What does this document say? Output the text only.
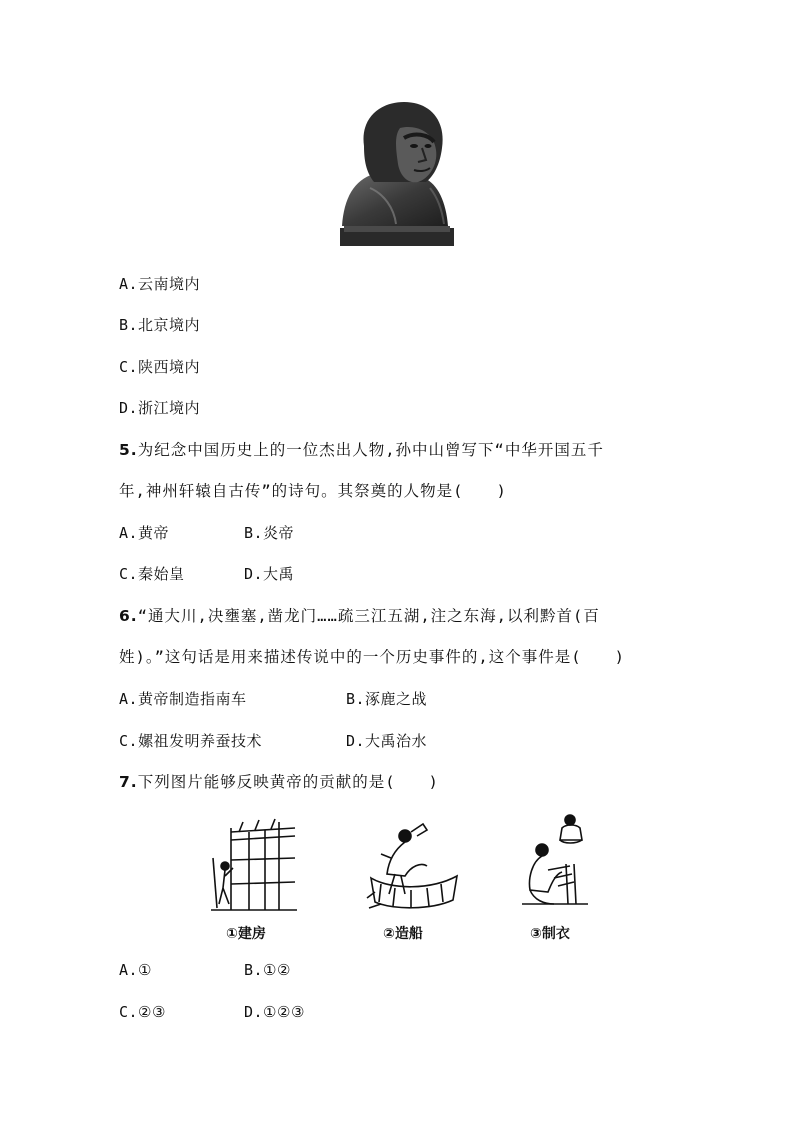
A.云南境内
B.北京境内
C.陕西境内
D.浙江境内
5.为纪念中国历史上的一位杰出人物,孙中山曾写下“中华开国五千
年,神州轩辕自古传”的诗句。其祭奠的人物是(　　)
A.黄帝	B.炎帝
C.秦始皇	D.大禹
6.“通大川,决壅塞,凿龙门……疏三江五湖,注之东海,以利黔首(百
姓)。”这句话是用来描述传说中的一个历史事件的,这个事件是(　　)
A.黄帝制造指南车	B.涿鹿之战
C.嫘祖发明养蚕技术	D.大禹治水
7.下列图片能够反映黄帝的贡献的是(　　)
①建房	②造船	③制衣
A.①	B.①②
C.②③	D.①②③
